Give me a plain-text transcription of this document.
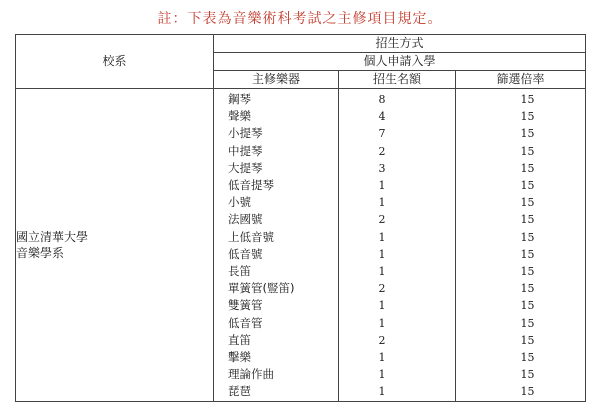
註：下表為音樂術科考試之主修項目規定。
校系	招生方式		
	個人申請入學		
	主修樂器	招生名額	篩選倍率

國立清華大學
音樂學系	鋼琴	8	15
	聲樂	4	15
	小提琴	7	15
	中提琴	2	15
	大提琴	3	15
	低音提琴	1	15
	小號	1	15
	法國號	2	15
	上低音號	1	15
	低音號	1	15
	長笛	1	15
	單簧管(豎笛)	2	15
	雙簧管	1	15
	低音管	1	15
	直笛	2	15
	擊樂	1	15
	理論作曲	1	15
	琵琶	1	15
